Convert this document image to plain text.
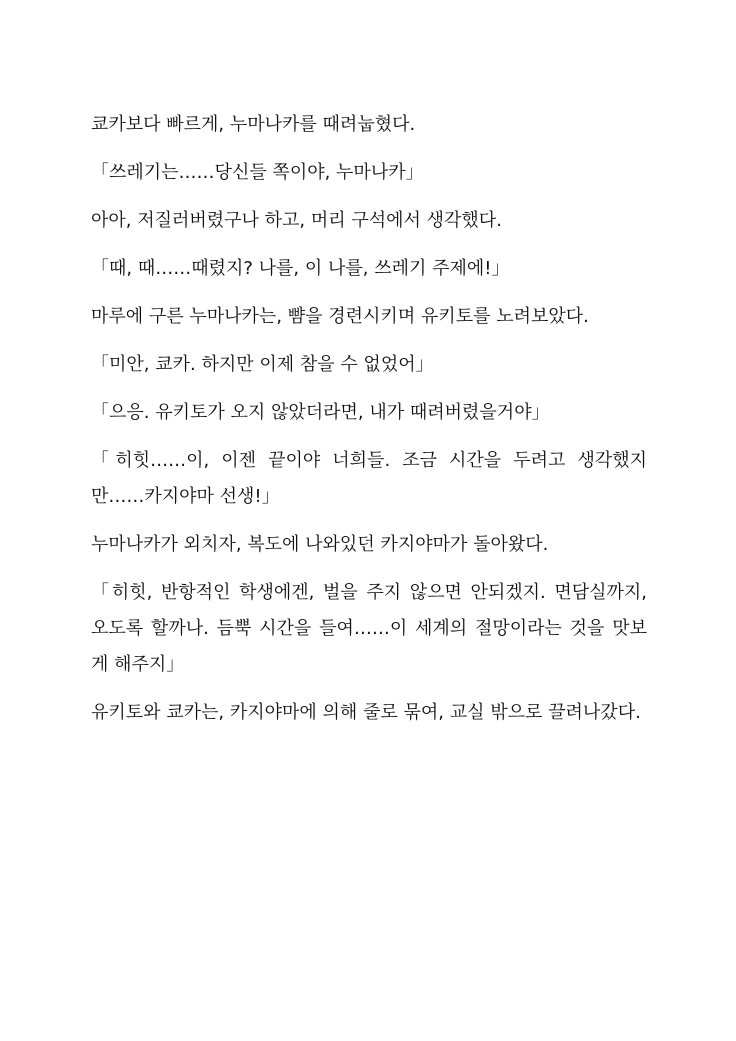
쿄카보다 빠르게, 누마나카를 때려눕혔다.

「쓰레기는……당신들 쪽이야, 누마나카」

아아, 저질러버렸구나 하고, 머리 구석에서 생각했다.

「때, 때……때렸지? 나를, 이 나를, 쓰레기 주제에!」

마루에 구른 누마나카는, 뺨을 경련시키며 유키토를 노려보았다.

「미안, 쿄카. 하지만 이제 참을 수 없었어」

「으응. 유키토가 오지 않았더라면, 내가 때려버렸을거야」

「히힛……이, 이젠 끝이야 너희들. 조금 시간을 두려고 생각했지만……카지야마 선생!」

누마나카가 외치자, 복도에 나와있던 카지야마가 돌아왔다.

「히힛, 반항적인 학생에겐, 벌을 주지 않으면 안되겠지. 면담실까지, 오도록 할까나. 듬뿍 시간을 들여……이 세계의 절망이라는 것을 맛보게 해주지」

유키토와 쿄카는, 카지야마에 의해 줄로 묶여, 교실 밖으로 끌려나갔다.
